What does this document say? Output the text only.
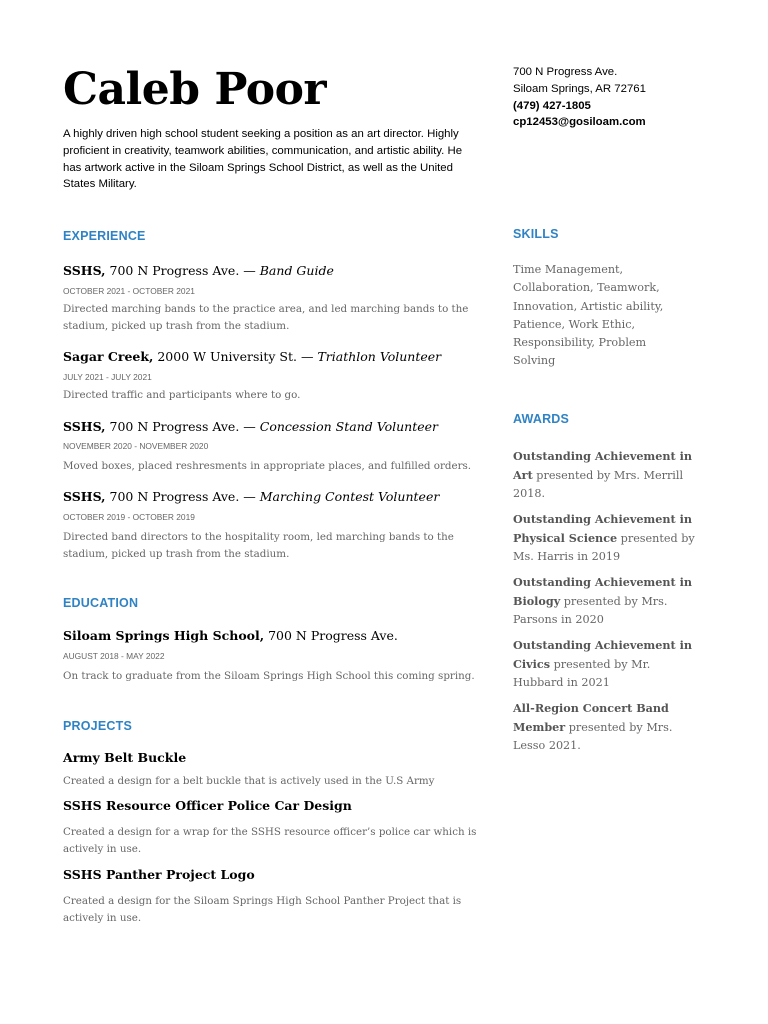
Caleb Poor
A highly driven high school student seeking a position as an art director. Highly proficient in creativity, teamwork abilities, communication, and artistic ability. He has artwork active in the Siloam Springs School District, as well as the United States Military.
700 N Progress Ave.
Siloam Springs, AR 72761
(479) 427-1805
cp12453@gosiloam.com
EXPERIENCE
SSHS, 700 N Progress Ave. — Band Guide
OCTOBER 2021 - OCTOBER 2021
Directed marching bands to the practice area, and led marching bands to the stadium, picked up trash from the stadium.
Sagar Creek, 2000 W University St. — Triathlon Volunteer
JULY 2021 - JULY 2021
Directed traffic and participants where to go.
SSHS, 700 N Progress Ave. — Concession Stand Volunteer
NOVEMBER 2020 - NOVEMBER 2020
Moved boxes, placed reshresments in appropriate places, and fulfilled orders.
SSHS, 700 N Progress Ave. — Marching Contest Volunteer
OCTOBER 2019 - OCTOBER 2019
Directed band directors to the hospitality room, led marching bands to the stadium, picked up trash from the stadium.
EDUCATION
Siloam Springs High School, 700 N Progress Ave.
AUGUST 2018 - MAY 2022
On track to graduate from the Siloam Springs High School this coming spring.
PROJECTS
Army Belt Buckle
Created a design for a belt buckle that is actively used in the U.S Army
SSHS Resource Officer Police Car Design
Created a design for a wrap for the SSHS resource officer’s police car which is actively in use.
SSHS Panther Project Logo
Created a design for the Siloam Springs High School Panther Project that is actively in use.
SKILLS
Time Management, Collaboration, Teamwork, Innovation, Artistic ability, Patience, Work Ethic, Responsibility, Problem Solving
AWARDS
Outstanding Achievement in Art presented by Mrs. Merrill 2018.
Outstanding Achievement in Physical Science presented by Ms. Harris in 2019
Outstanding Achievement in Biology presented by Mrs. Parsons in 2020
Outstanding Achievement in Civics presented by Mr. Hubbard in 2021
All-Region Concert Band Member presented by Mrs. Lesso 2021.
